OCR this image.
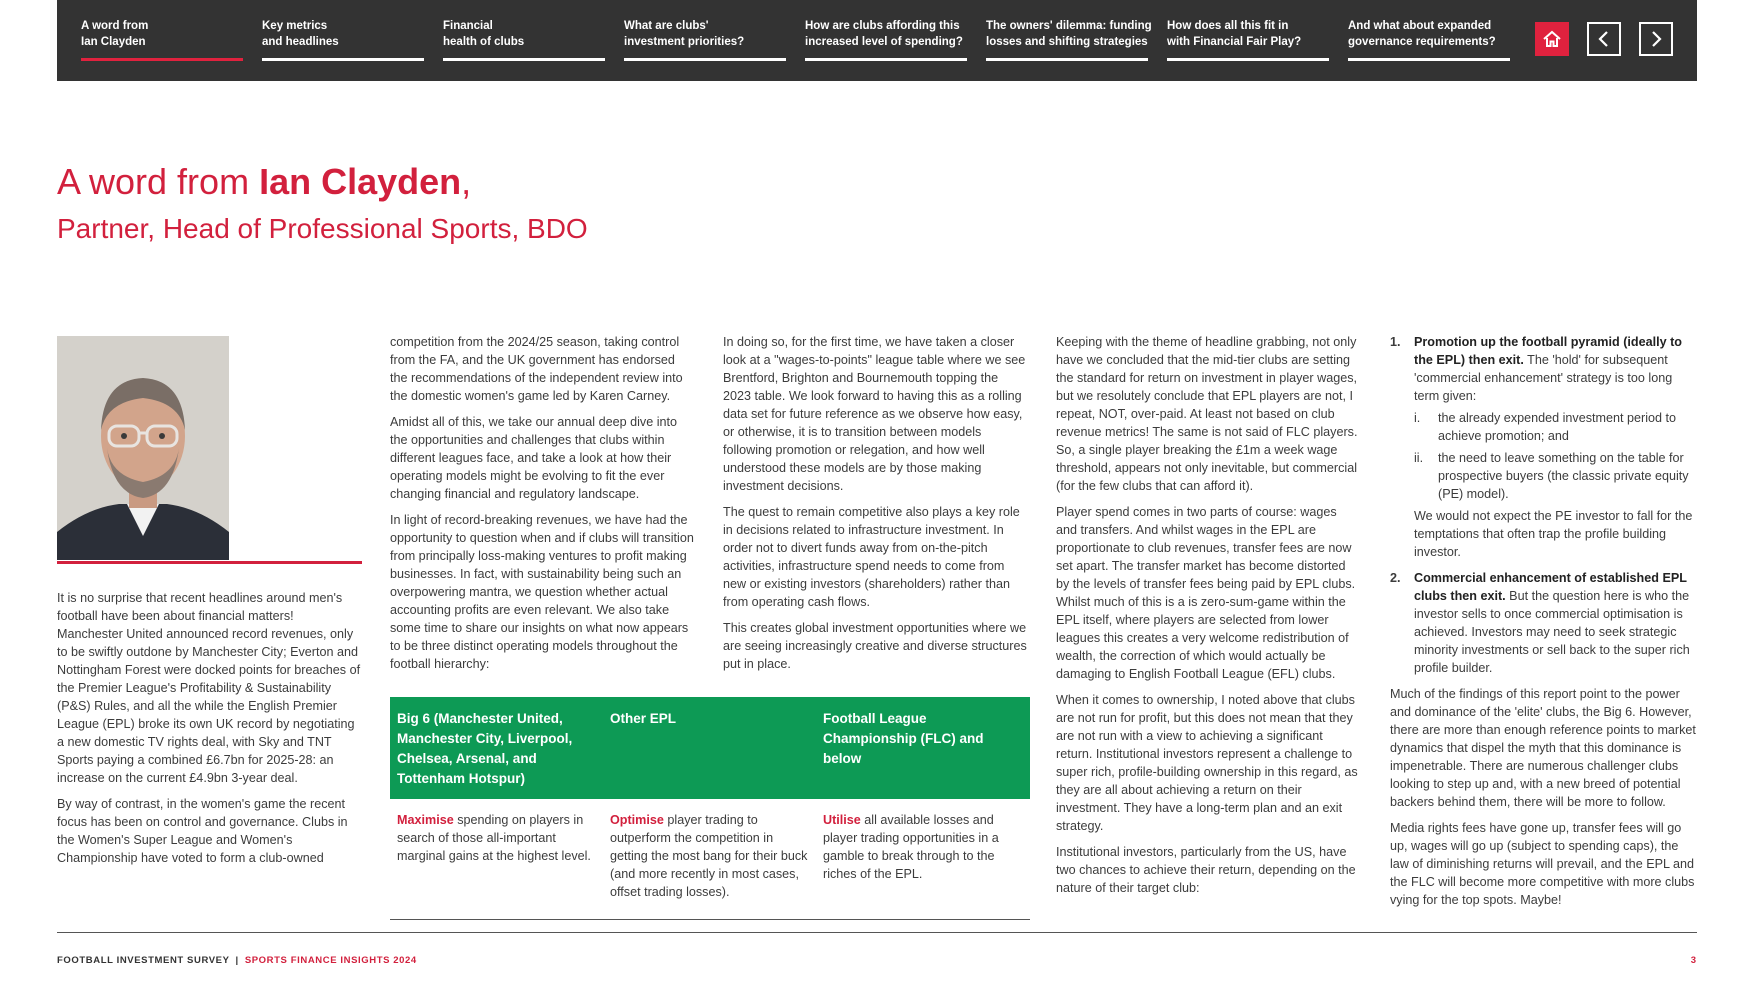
A word from
Ian Clayden
Key metrics
and headlines
Financial
health of clubs
What are clubs'
investment priorities?
How are clubs affording this
increased level of spending?
The owners' dilemma: funding
losses and shifting strategies
How does all this fit in
with Financial Fair Play?
And what about expanded
governance requirements?
A word from Ian Clayden,
Partner, Head of Professional Sports, BDO

It is no surprise that recent headlines around men's football have been about financial matters! Manchester United announced record revenues, only to be swiftly outdone by Manchester City; Everton and Nottingham Forest were docked points for breaches of the Premier League's Profitability & Sustainability (P&S) Rules, and all the while the English Premier League (EPL) broke its own UK record by negotiating a new domestic TV rights deal, with Sky and TNT Sports paying a combined £6.7bn for 2025-28: an increase on the current £4.9bn 3-year deal.

By way of contrast, in the women's game the recent focus has been on control and governance. Clubs in the Women's Super League and Women's Championship have voted to form a club-owned

competition from the 2024/25 season, taking control from the FA, and the UK government has endorsed the recommendations of the independent review into the domestic women's game led by Karen Carney.

Amidst all of this, we take our annual deep dive into the opportunities and challenges that clubs within different leagues face, and take a look at how their operating models might be evolving to fit the ever changing financial and regulatory landscape.

In light of record-breaking revenues, we have had the opportunity to question when and if clubs will transition from principally loss-making ventures to profit making businesses. In fact, with sustainability being such an overpowering mantra, we question whether actual accounting profits are even relevant. We also take some time to share our insights on what now appears to be three distinct operating models throughout the football hierarchy:

In doing so, for the first time, we have taken a closer look at a "wages-to-points" league table where we see Brentford, Brighton and Bournemouth topping the 2023 table. We look forward to having this as a rolling data set for future reference as we observe how easy, or otherwise, it is to transition between models following promotion or relegation, and how well understood these models are by those making investment decisions.

The quest to remain competitive also plays a key role in decisions related to infrastructure investment. In order not to divert funds away from on-the-pitch activities, infrastructure spend needs to come from new or existing investors (shareholders) rather than from operating cash flows.

This creates global investment opportunities where we are seeing increasingly creative and diverse structures put in place.

Big 6 (Manchester United, Manchester City, Liverpool, Chelsea, Arsenal, and Tottenham Hotspur)
Other EPL	Football League Championship (FLC) and below
Maximise spending on players in search of those all-important marginal gains at the highest level.
Optimise player trading to outperform the competition in getting the most bang for their buck (and more recently in most cases, offset trading losses).
Utilise all available losses and player trading opportunities in a gamble to break through to the riches of the EPL.

Keeping with the theme of headline grabbing, not only have we concluded that the mid-tier clubs are setting the standard for return on investment in player wages, but we resolutely conclude that EPL players are not, I repeat, NOT, over-paid. At least not based on club revenue metrics! The same is not said of FLC players. So, a single player breaking the £1m a week wage threshold, appears not only inevitable, but commercial (for the few clubs that can afford it).

Player spend comes in two parts of course: wages and transfers. And whilst wages in the EPL are proportionate to club revenues, transfer fees are now set apart. The transfer market has become distorted by the levels of transfer fees being paid by EPL clubs. Whilst much of this is a is zero-sum-game within the EPL itself, where players are selected from lower leagues this creates a very welcome redistribution of wealth, the correction of which would actually be damaging to English Football League (EFL) clubs.

When it comes to ownership, I noted above that clubs are not run for profit, but this does not mean that they are not run with a view to achieving a significant return. Institutional investors represent a challenge to super rich, profile-building ownership in this regard, as they are all about achieving a return on their investment. They have a long-term plan and an exit strategy.

Institutional investors, particularly from the US, have two chances to achieve their return, depending on the nature of their target club:

1. Promotion up the football pyramid (ideally to the EPL) then exit. The 'hold' for subsequent 'commercial enhancement' strategy is too long term given:
i. the already expended investment period to achieve promotion; and
ii. the need to leave something on the table for prospective buyers (the classic private equity (PE) model).
We would not expect the PE investor to fall for the temptations that often trap the profile building investor.
2. Commercial enhancement of established EPL clubs then exit. But the question here is who the investor sells to once commercial optimisation is achieved. Investors may need to seek strategic minority investments or sell back to the super rich profile builder.

Much of the findings of this report point to the power and dominance of the 'elite' clubs, the Big 6. However, there are more than enough reference points to market dynamics that dispel the myth that this dominance is impenetrable. There are numerous challenger clubs looking to step up and, with a new breed of potential backers behind them, there will be more to follow.

Media rights fees have gone up, transfer fees will go up, wages will go up (subject to spending caps), the law of diminishing returns will prevail, and the EPL and the FLC will become more competitive with more clubs vying for the top spots. Maybe!

FOOTBALL INVESTMENT SURVEY | SPORTS FINANCE INSIGHTS 2024	3
